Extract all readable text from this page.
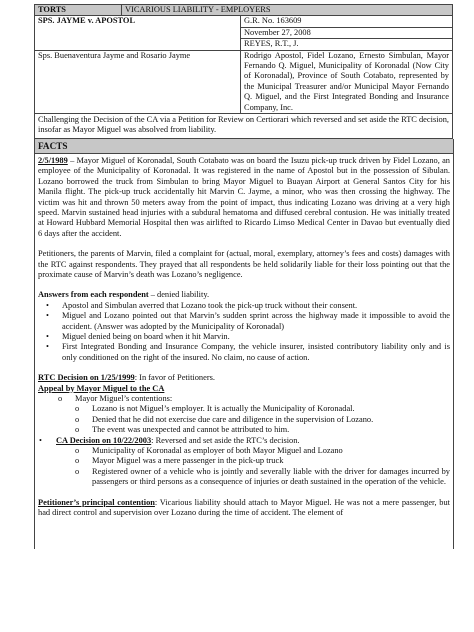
TORTS	VICARIOUS LIABILITY - EMPLOYERS	
SPS. JAYME v. APOSTOL		G.R. No. 163609
		November 27, 2008
		REYES, R.T., J.
Sps. Buenaventura Jayme and Rosario Jayme		Rodrigo Apostol, Fidel Lozano, Ernesto Simbulan, Mayor Fernando Q. Miguel, Municipality of Koronadal (Now City of Koronadal), Province of South Cotabato, represented by the Municipal Treasurer and/or Municipal Mayor Fernando Q. Miguel, and the First Integrated Bonding and Insurance Company, Inc.
Challenging the Decision of the CA via a Petition for Review on Certiorari which reversed and set aside the RTC decision, insofar as Mayor Miguel was absolved from liability.		
FACTS

2/5/1989 – Mayor Miguel of Koronadal, South Cotabato was on board the Isuzu pick-up truck driven by Fidel Lozano, an employee of the Municipality of Koronadal. It was registered in the name of Apostol but in the possession of Sibulan. Lozano borrowed the truck from Simbulan to bring Mayor Miguel to Buayan Airport at General Santos City for his Manila flight. The pick-up truck accidentally hit Marvin C. Jayme, a minor, who was then crossing the highway. The victim was hit and thrown 50 meters away from the point of impact, thus indicating Lozano was driving at a very high speed. Marvin sustained head injuries with a subdural hematoma and diffused cerebral contusion. He was initially treated at Howard Hubbard Memorial Hospital then was airlifted to Ricardo Limso Medical Center in Davao but eventually died 6 days after the accident.

Petitioners, the parents of Marvin, filed a complaint for (actual, moral, exemplary, attorney’s fees and costs) damages with the RTC against respondents. They prayed that all respondents be held solidarily liable for their loss pointing out that the proximate cause of Marvin’s death was Lozano’s negligence.

Answers from each respondent – denied liability.

• Apostol and Simbulan averred that Lozano took the pick-up truck without their consent.
• Miguel and Lozano pointed out that Marvin’s sudden sprint across the highway made it impossible to avoid the accident. (Answer was adopted by the Municipality of Koronadal)
• Miguel denied being on board when it hit Marvin.
• First Integrated Bonding and Insurance Company, the vehicle insurer, insisted contributory liability only and is only conditioned on the right of the insured. No claim, no cause of action.

RTC Decision on 1/25/1999: In favor of Petitioners.

Appeal by Mayor Miguel to the CA

o Mayor Miguel’s contentions:
o Lozano is not Miguel’s employer. It is actually the Municipality of Koronadal.
o Denied that he did not exercise due care and diligence in the supervision of Lozano.
o The event was unexpected and cannot be attributed to him.
• CA Decision on 10/22/2003: Reversed and set aside the RTC’s decision.
o Municipality of Koronadal as employer of both Mayor Miguel and Lozano
o Mayor Miguel was a mere passenger in the pick-up truck
o Registered owner of a vehicle who is jointly and severally liable with the driver for damages incurred by passengers or third persons as a consequence of injuries or death sustained in the operation of the vehicle.

Petitioner’s principal contention: Vicarious liability should attach to Mayor Miguel. He was not a mere passenger, but had direct control and supervision over Lozano during the time of accident. The element of
